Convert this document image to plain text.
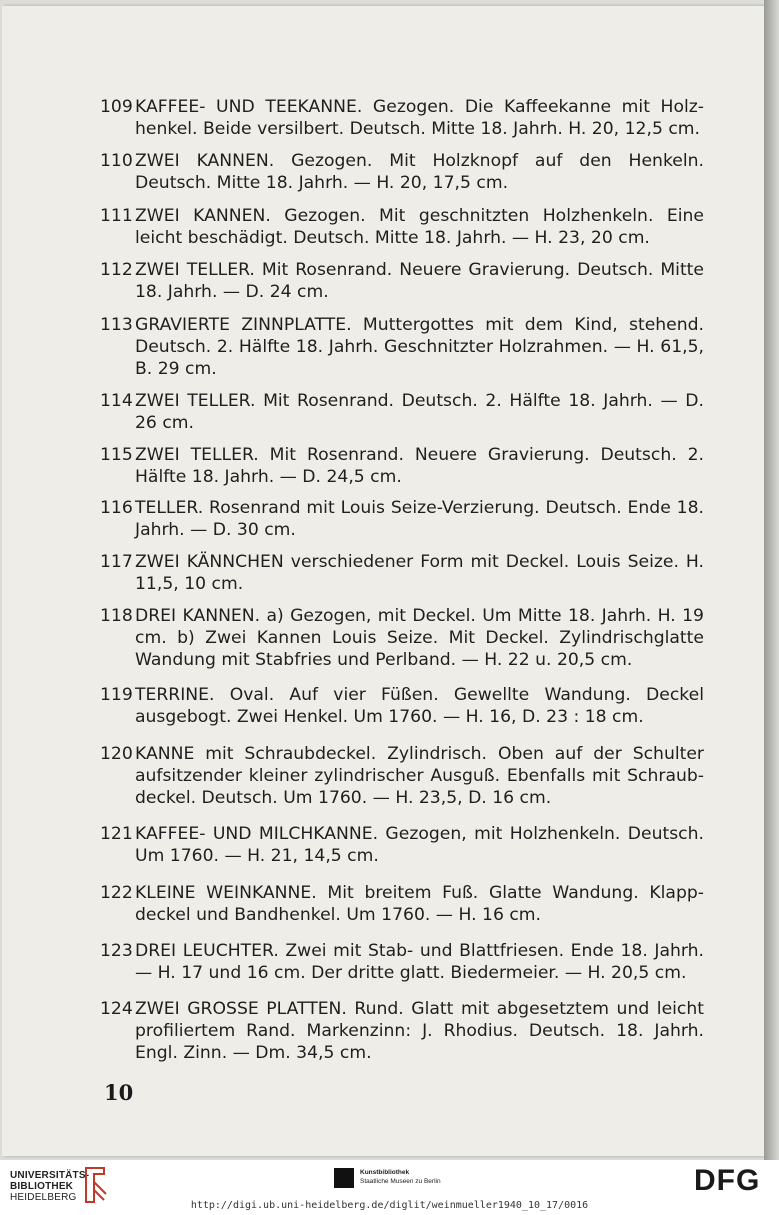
109 KAFFEE- UND TEEKANNE. Gezogen. Die Kaffeekanne mit Holzhenkel. Beide versilbert. Deutsch. Mitte 18. Jahrh. H. 20, 12,5 cm.
110 ZWEI KANNEN. Gezogen. Mit Holzknopf auf den Henkeln. Deutsch. Mitte 18. Jahrh. — H. 20, 17,5 cm.
111 ZWEI KANNEN. Gezogen. Mit geschnitzten Holzhenkeln. Eine leicht beschädigt. Deutsch. Mitte 18. Jahrh. — H. 23, 20 cm.
112 ZWEI TELLER. Mit Rosenrand. Neuere Gravierung. Deutsch. Mitte 18. Jahrh. — D. 24 cm.
113 GRAVIERTE ZINNPLATTE. Muttergottes mit dem Kind, stehend. Deutsch. 2. Hälfte 18. Jahrh. Geschnitzter Holzrahmen. — H. 61,5, B. 29 cm.
114 ZWEI TELLER. Mit Rosenrand. Deutsch. 2. Hälfte 18. Jahrh. — D. 26 cm.
115 ZWEI TELLER. Mit Rosenrand. Neuere Gravierung. Deutsch. 2. Hälfte 18. Jahrh. — D. 24,5 cm.
116 TELLER. Rosenrand mit Louis Seize-Verzierung. Deutsch. Ende 18. Jahrh. — D. 30 cm.
117 ZWEI KÄNNCHEN verschiedener Form mit Deckel. Louis Seize. H. 11,5, 10 cm.
118 DREI KANNEN. a) Gezogen, mit Deckel. Um Mitte 18. Jahrh. H. 19 cm. b) Zwei Kannen Louis Seize. Mit Deckel. Zylindrischglatte Wandung mit Stabfries und Perlband. — H. 22 u. 20,5 cm.
119 TERRINE. Oval. Auf vier Füßen. Gewellte Wandung. Deckel ausgebogt. Zwei Henkel. Um 1760. — H. 16, D. 23 : 18 cm.
120 KANNE mit Schraubdeckel. Zylindrisch. Oben auf der Schulter aufsitzender kleiner zylindrischer Ausguß. Ebenfalls mit Schraubdeckel. Deutsch. Um 1760. — H. 23,5, D. 16 cm.
121 KAFFEE- UND MILCHKANNE. Gezogen, mit Holzhenkeln. Deutsch. Um 1760. — H. 21, 14,5 cm.
122 KLEINE WEINKANNE. Mit breitem Fuß. Glatte Wandung. Klappdeckel und Bandhenkel. Um 1760. — H. 16 cm.
123 DREI LEUCHTER. Zwei mit Stab- und Blattfriesen. Ende 18. Jahrh. — H. 17 und 16 cm. Der dritte glatt. Biedermeier. — H. 20,5 cm.
124 ZWEI GROSSE PLATTEN. Rund. Glatt mit abgesetztem und leicht profiliertem Rand. Markenzinn: J. Rhodius. Deutsch. 18. Jahrh. Engl. Zinn. — Dm. 34,5 cm.
10
UNIVERSITÄTS-
BIBLIOTHEK
HEIDELBERG
Kunstbibliothek
Staatliche Museen zu Berlin	DFG
http://digi.ub.uni-heidelberg.de/diglit/weinmueller1940_10_17/0016
